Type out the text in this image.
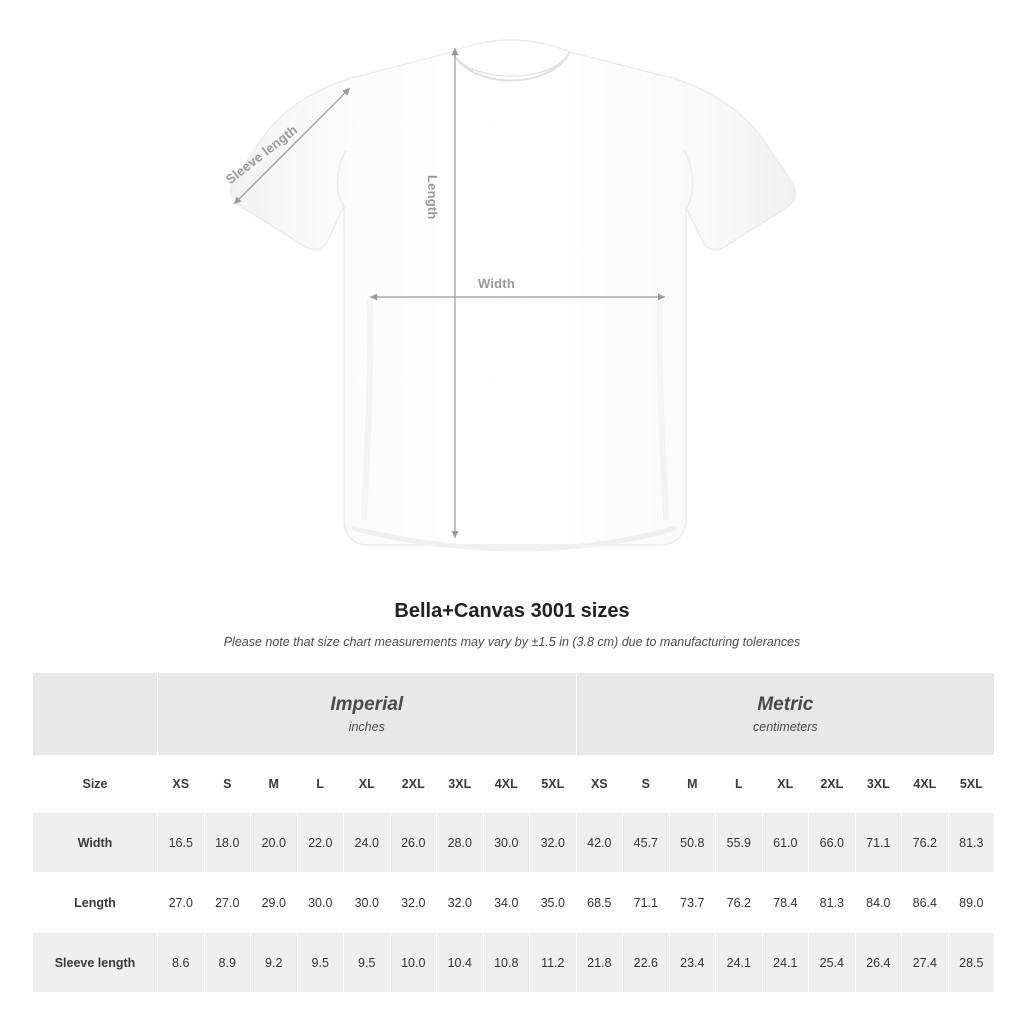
Width
Length
Sleeve length
Bella+Canvas 3001 sizes
Please note that size chart measurements may vary by ±1.5 in (3.8 cm) due to manufacturing tolerances

Imperial
inches

Metric
centimeters

Size	XS	S	M	L	XL	2XL	3XL	4XL	5XL	XS	S	M	L	XL	2XL	3XL	4XL	5XL
Width	16.5	18.0	20.0	22.0	24.0	26.0	28.0	30.0	32.0	42.0	45.7	50.8	55.9	61.0	66.0	71.1	76.2	81.3
Length	27.0	27.0	29.0	30.0	30.0	32.0	32.0	34.0	35.0	68.5	71.1	73.7	76.2	78.4	81.3	84.0	86.4	89.0
Sleeve length	8.6	8.9	9.2	9.5	9.5	10.0	10.4	10.8	11.2	21.8	22.6	23.4	24.1	24.1	25.4	26.4	27.4	28.5
